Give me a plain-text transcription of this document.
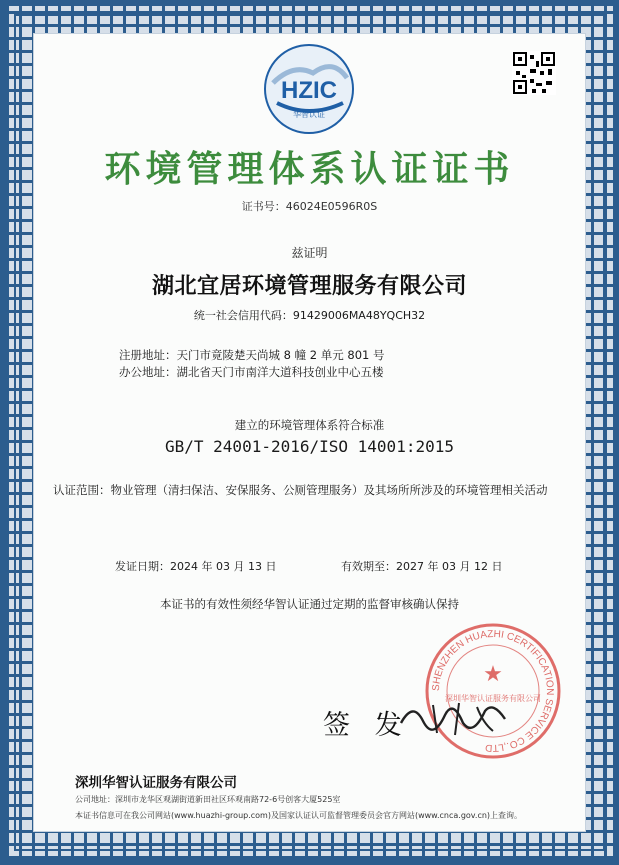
HZIC
华智认证
环境管理体系认证证书
证书号：46024E0596R0S
兹证明
湖北宜居环境管理服务有限公司
统一社会信用代码：91429006MA48YQCH32
注册地址：天门市竟陵楚天尚城 8 幢 2 单元 801 号
办公地址：湖北省天门市南洋大道科技创业中心五楼
建立的环境管理体系符合标准
GB/T 24001-2016/ISO 14001:2015
认证范围：物业管理（清扫保洁、安保服务、公厕管理服务）及其场所所涉及的环境管理相关活动
发证日期：2024 年 03 月 13 日	有效期至：2027 年 03 月 12 日
本证书的有效性须经华智认证通过定期的监督审核确认保持
SHENZHEN HUAZHI CERTIFICATION SERVICE CO.,LTD
★
深圳华智认证服务有限公司
签 发
深圳华智认证服务有限公司
公司地址：深圳市龙华区观湖街道新田社区环观南路72-6号创客大厦525室
本证书信息可在我公司网站(www.huazhi-group.com)及国家认证认可监督管理委员会官方网站(www.cnca.gov.cn)上查询。
